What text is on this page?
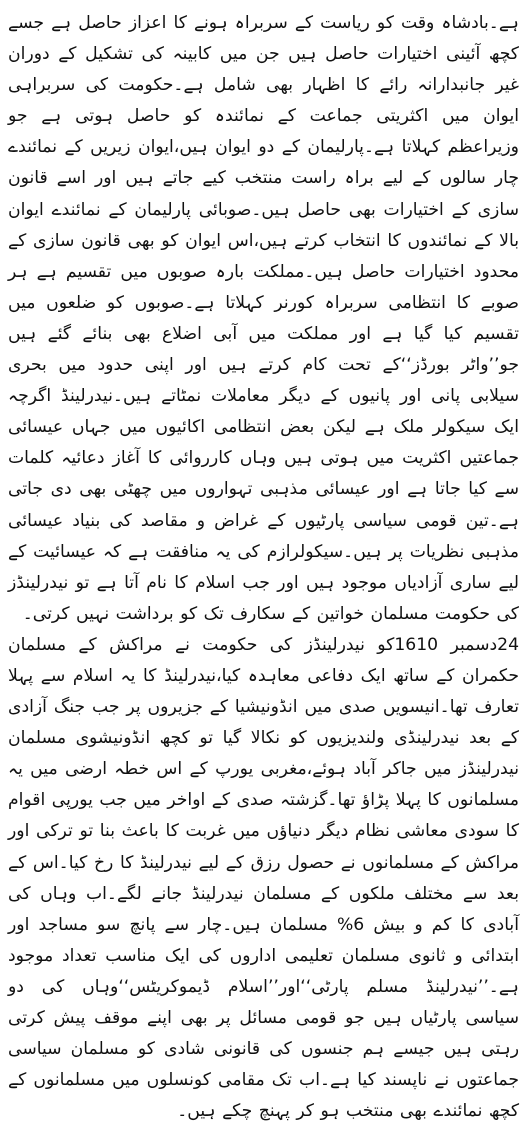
ہے۔بادشاہ وقت کو ریاست کے سربراہ ہونے کا اعزاز حاصل ہے جسے کچھ آئینی اختیارات حاصل ہیں جن میں کابینہ کی تشکیل کے دوران غیر جانبدارانہ رائے کا اظہار بھی شامل ہے۔حکومت کی سربراہی ایوان میں اکثریتی جماعت کے نمائندہ کو حاصل ہوتی ہے جو وزیراعظم کہلاتا ہے۔پارلیمان کے دو ایوان ہیں،ایوان زیریں کے نمائندے چار سالوں کے لیے براہ راست منتخب کیے جاتے ہیں اور اسے قانون سازی کے اختیارات بھی حاصل ہیں۔صوبائی پارلیمان کے نمائندے ایوان بالا کے نمائندوں کا انتخاب کرتے ہیں،اس ایوان کو بھی قانون سازی کے محدود اختیارات حاصل ہیں۔مملکت بارہ صوبوں میں تقسیم ہے ہر صوبے کا انتظامی سربراہ کورنر کہلاتا ہے۔صوبوں کو ضلعوں میں تقسیم کیا گیا ہے اور مملکت میں آبی اضلاع بھی بنائے گئے ہیں جو’’واٹر بورڈز‘‘کے تحت کام کرتے ہیں اور اپنی حدود میں بحری سیلابی پانی اور پانیوں کے دیگر معاملات نمٹاتے ہیں۔نیدرلینڈ اگرچہ ایک سیکولر ملک ہے لیکن بعض انتظامی اکائیوں میں جہاں عیسائی جماعتیں اکثریت میں ہوتی ہیں وہاں کارروائی کا آغاز دعائیہ کلمات سے کیا جاتا ہے اور عیسائی مذہبی تہواروں میں چھٹی بھی دی جاتی ہے۔تین قومی سیاسی پارٹیوں کے غراض و مقاصد کی بنیاد عیسائی مذہبی نظریات پر ہیں۔سیکولرازم کی یہ منافقت ہے کہ عیسائیت کے لیے ساری آزادیاں موجود ہیں اور جب اسلام کا نام آتا ہے تو نیدرلینڈز کی حکومت مسلمان خواتین کے سکارف تک کو برداشت نہیں کرتی۔

24دسمبر 1610کو نیدرلینڈز کی حکومت نے مراکش کے مسلمان حکمران کے ساتھ ایک دفاعی معاہدہ کیا،نیدرلینڈ کا یہ اسلام سے پہلا تعارف تھا۔انیسویں صدی میں انڈونیشیا کے جزیروں پر جب جنگ آزادی کے بعد نیدرلینڈی ولندیزیوں کو نکالا گیا تو کچھ انڈونیشوی مسلمان نیدرلینڈز میں جاکر آباد ہوئے،مغربی یورپ کے اس خطہ ارضی میں یہ مسلمانوں کا پہلا پڑاؤ تھا۔گزشتہ صدی کے اواخر میں جب یورپی اقوام کا سودی معاشی نظام دیگر دنیاؤں میں غربت کا باعث بنا تو ترکی اور مراکش کے مسلمانوں نے حصول رزق کے لیے نیدرلینڈ کا رخ کیا۔اس کے بعد سے مختلف ملکوں کے مسلمان نیدرلینڈ جانے لگے۔اب وہاں کی آبادی کا کم و بیش 6% مسلمان ہیں۔چار سے پانچ سو مساجد اور ابتدائی و ثانوی مسلمان تعلیمی اداروں کی ایک مناسب تعداد موجود ہے۔’’نیدرلینڈ مسلم پارٹی‘‘اور’’اسلام ڈیموکریٹس‘‘وہاں کی دو سیاسی پارٹیاں ہیں جو قومی مسائل پر بھی اپنے موقف پیش کرتی رہتی ہیں جیسے ہم جنسوں کی قانونی شادی کو مسلمان سیاسی جماعتوں نے ناپسند کیا ہے۔اب تک مقامی کونسلوں میں مسلمانوں کے کچھ نمائندے بھی منتخب ہو کر پہنچ چکے ہیں۔
